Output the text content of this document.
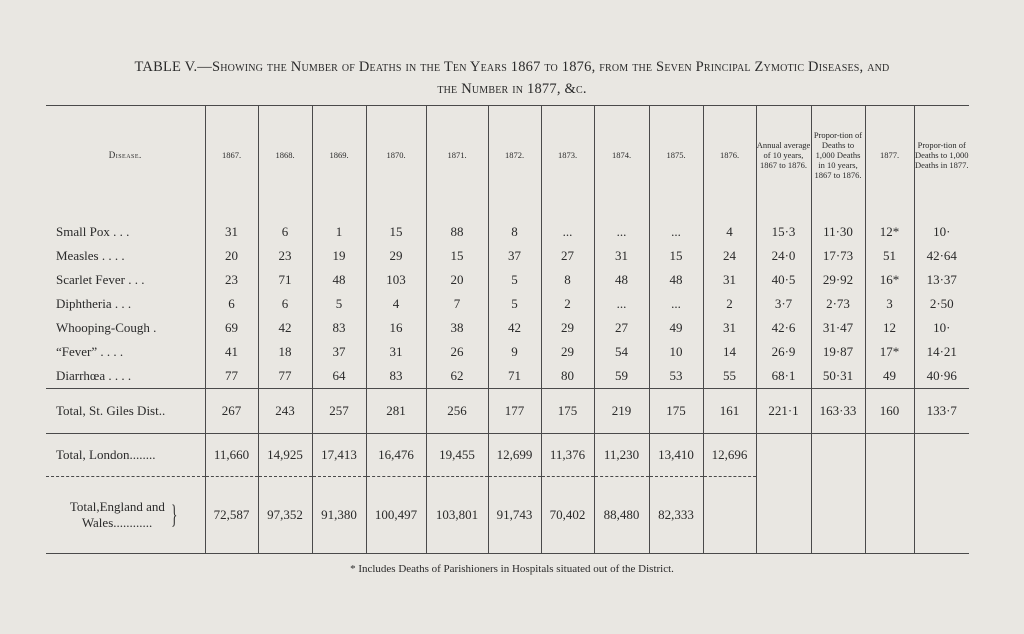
TABLE V.—Showing the Number of Deaths in the Ten Years 1867 to 1876, from the Seven Principal Zymotic Diseases, and
the Number in 1877, &c.
Disease.	1867.	1868.	1869.	1870.	1871.	1872.	1873.	1874.	1875.	1876.	Annual average of 10 years, 1867 to 1876.	Propor-tion of Deaths to 1,000 Deaths in 10 years, 1867 to 1876.	1877.	Propor-tion of Deaths to 1,000 Deaths in 1877.
Small Pox . . .	31	6	1	15	88	8	...	...	...	4	15·3	11·30	12*	10·
Measles . . . .	20	23	19	29	15	37	27	31	15	24	24·0	17·73	51	42·64
Scarlet Fever . . .	23	71	48	103	20	5	8	48	48	31	40·5	29·92	16*	13·37
Diphtheria . . .	6	6	5	4	7	5	2	...	...	2	3·7	2·73	3	2·50
Whooping-Cough .	69	42	83	16	38	42	29	27	49	31	42·6	31·47	12	10·
“Fever” . . . .	41	18	37	31	26	9	29	54	10	14	26·9	19·87	17*	14·21
Diarrhœa . . . .	77	77	64	83	62	71	80	59	53	55	68·1	50·31	49	40·96
Total, St. Giles Dist..	267	243	257	281	256	177	175	219	175	161	221·1	163·33	160	133·7
Total, London........	11,660	14,925	17,413	16,476	19,455	12,699	11,376	11,230	13,410	12,696				
Total,England and
Wales............ }	72,587	97,352	91,380	100,497	103,801	91,743	70,402	88,480	82,333					
* Includes Deaths of Parishioners in Hospitals situated out of the District.
